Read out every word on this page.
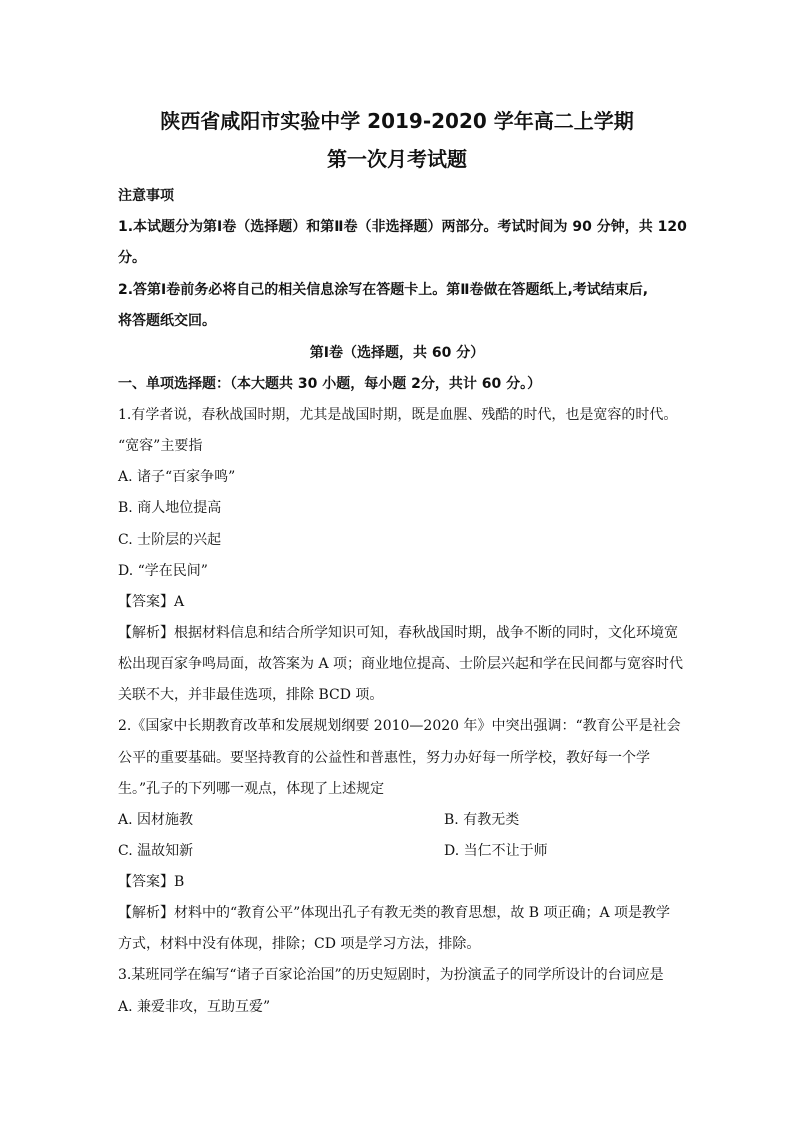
陕西省咸阳市实验中学 2019-2020 学年高二上学期
第一次月考试题
注意事项
1.本试题分为第Ⅰ卷（选择题）和第Ⅱ卷（非选择题）两部分。考试时间为 90 分钟，共 120
分。
2.答第Ⅰ卷前务必将自己的相关信息涂写在答题卡上。第Ⅱ卷做在答题纸上,考试结束后,
将答题纸交回。
第Ⅰ卷（选择题，共 60 分）
一、单项选择题：（本大题共 30 小题，每小题 2分，共计 60 分。）
1.有学者说，春秋战国时期，尤其是战国时期，既是血腥、残酷的时代，也是宽容的时代。
“宽容”主要指
A. 诸子“百家争鸣”
B. 商人地位提高
C. 士阶层的兴起
D. “学在民间”
【答案】A
【解析】根据材料信息和结合所学知识可知，春秋战国时期，战争不断的同时，文化环境宽
松出现百家争鸣局面，故答案为 A 项；商业地位提高、士阶层兴起和学在民间都与宽容时代
关联不大，并非最佳选项，排除 BCD 项。
2.《国家中长期教育改革和发展规划纲要 2010—2020 年》中突出强调：“教育公平是社会
公平的重要基础。要坚持教育的公益性和普惠性，努力办好每一所学校，教好每一个学
生。”孔子的下列哪一观点，体现了上述规定
A. 因材施教	B. 有教无类
C. 温故知新	D. 当仁不让于师
【答案】B
【解析】材料中的“教育公平”体现出孔子有教无类的教育思想，故 B 项正确；A 项是教学
方式，材料中没有体现，排除；CD 项是学习方法，排除。
3.某班同学在编写“诸子百家论治国”的历史短剧时，为扮演孟子的同学所设计的台词应是
A. 兼爱非攻，互助互爱”
